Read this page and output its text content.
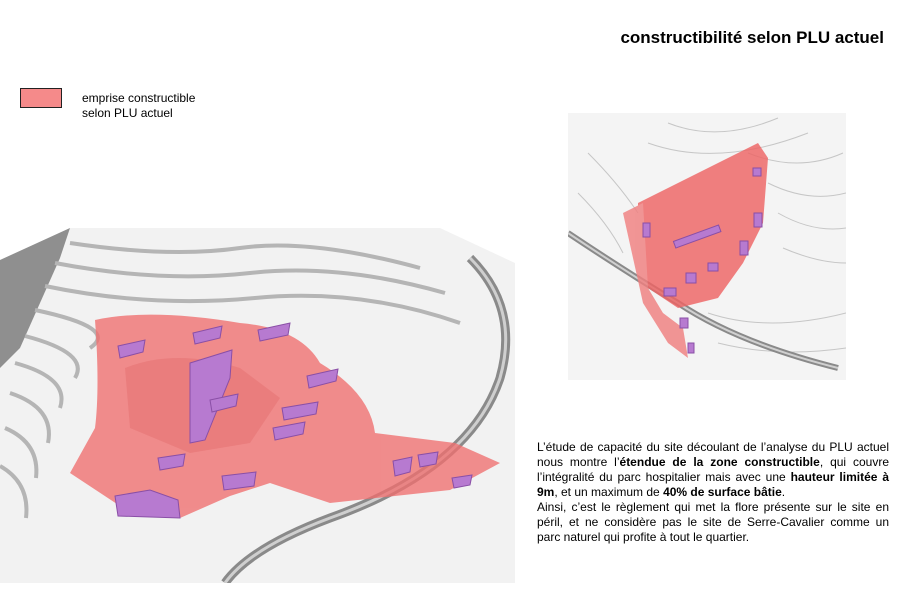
constructibilité selon PLU actuel
emprise constructible
selon PLU actuel
L’étude de capacité du site découlant de l’analyse du PLU actuel nous montre l’étendue de la zone constructible, qui couvre l’intégralité du parc hospitalier mais avec une hauteur limitée à 9m, et un maximum de 40% de surface bâtie.
Ainsi, c’est le règlement qui met la flore présente sur le site en péril, et ne considère pas le site de Serre-Cavalier comme un parc naturel qui profite à tout le quartier.
